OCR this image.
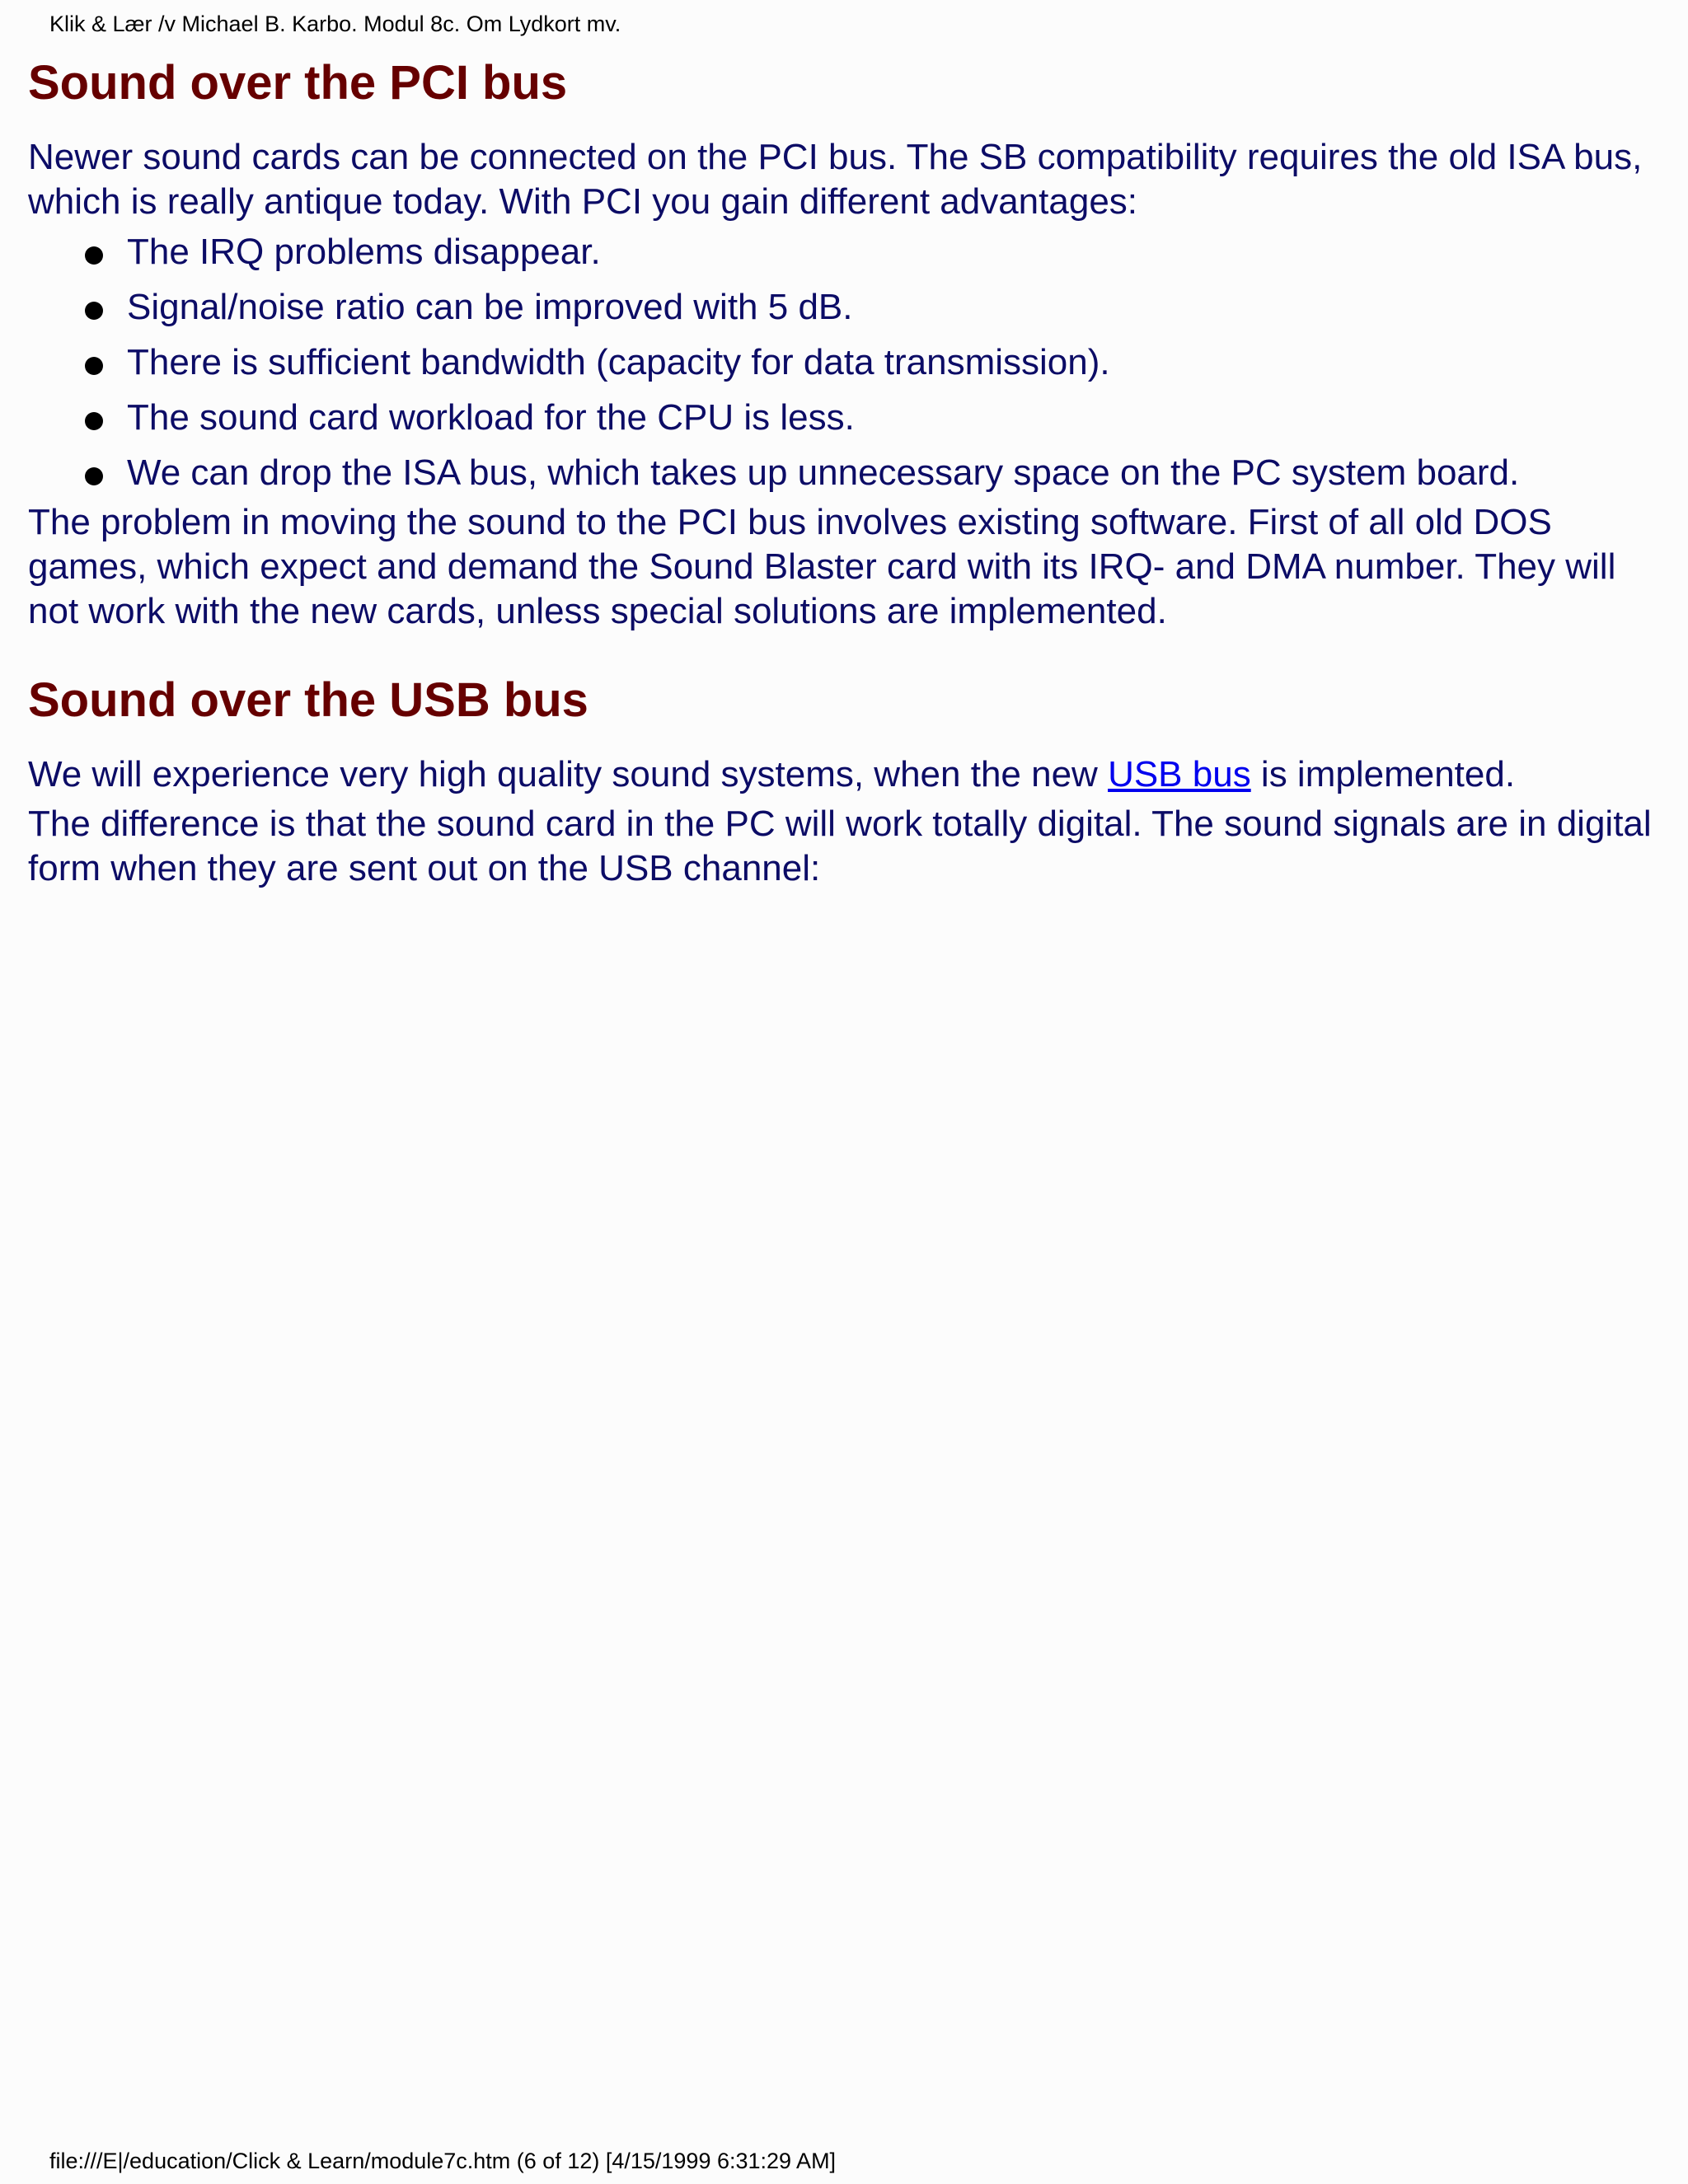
Klik & Lær /v Michael B. Karbo. Modul 8c. Om Lydkort mv.
Sound over the PCI bus

Newer sound cards can be connected on the PCI bus. The SB compatibility requires the old ISA bus, which is really antique today. With PCI you gain different advantages:

The IRQ problems disappear.
Signal/noise ratio can be improved with 5 dB.
There is sufficient bandwidth (capacity for data transmission).
The sound card workload for the CPU is less.
We can drop the ISA bus, which takes up unnecessary space on the PC system board.

The problem in moving the sound to the PCI bus involves existing software. First of all old DOS games, which expect and demand the Sound Blaster card with its IRQ- and DMA number. They will not work with the new cards, unless special solutions are implemented.

Sound over the USB bus

We will experience very high quality sound systems, when the new USB bus is implemented.

The difference is that the sound card in the PC will work totally digital. The sound signals are in digital form when they are sent out on the USB channel:

file:///E|/education/Click & Learn/module7c.htm (6 of 12) [4/15/1999 6:31:29 AM]
